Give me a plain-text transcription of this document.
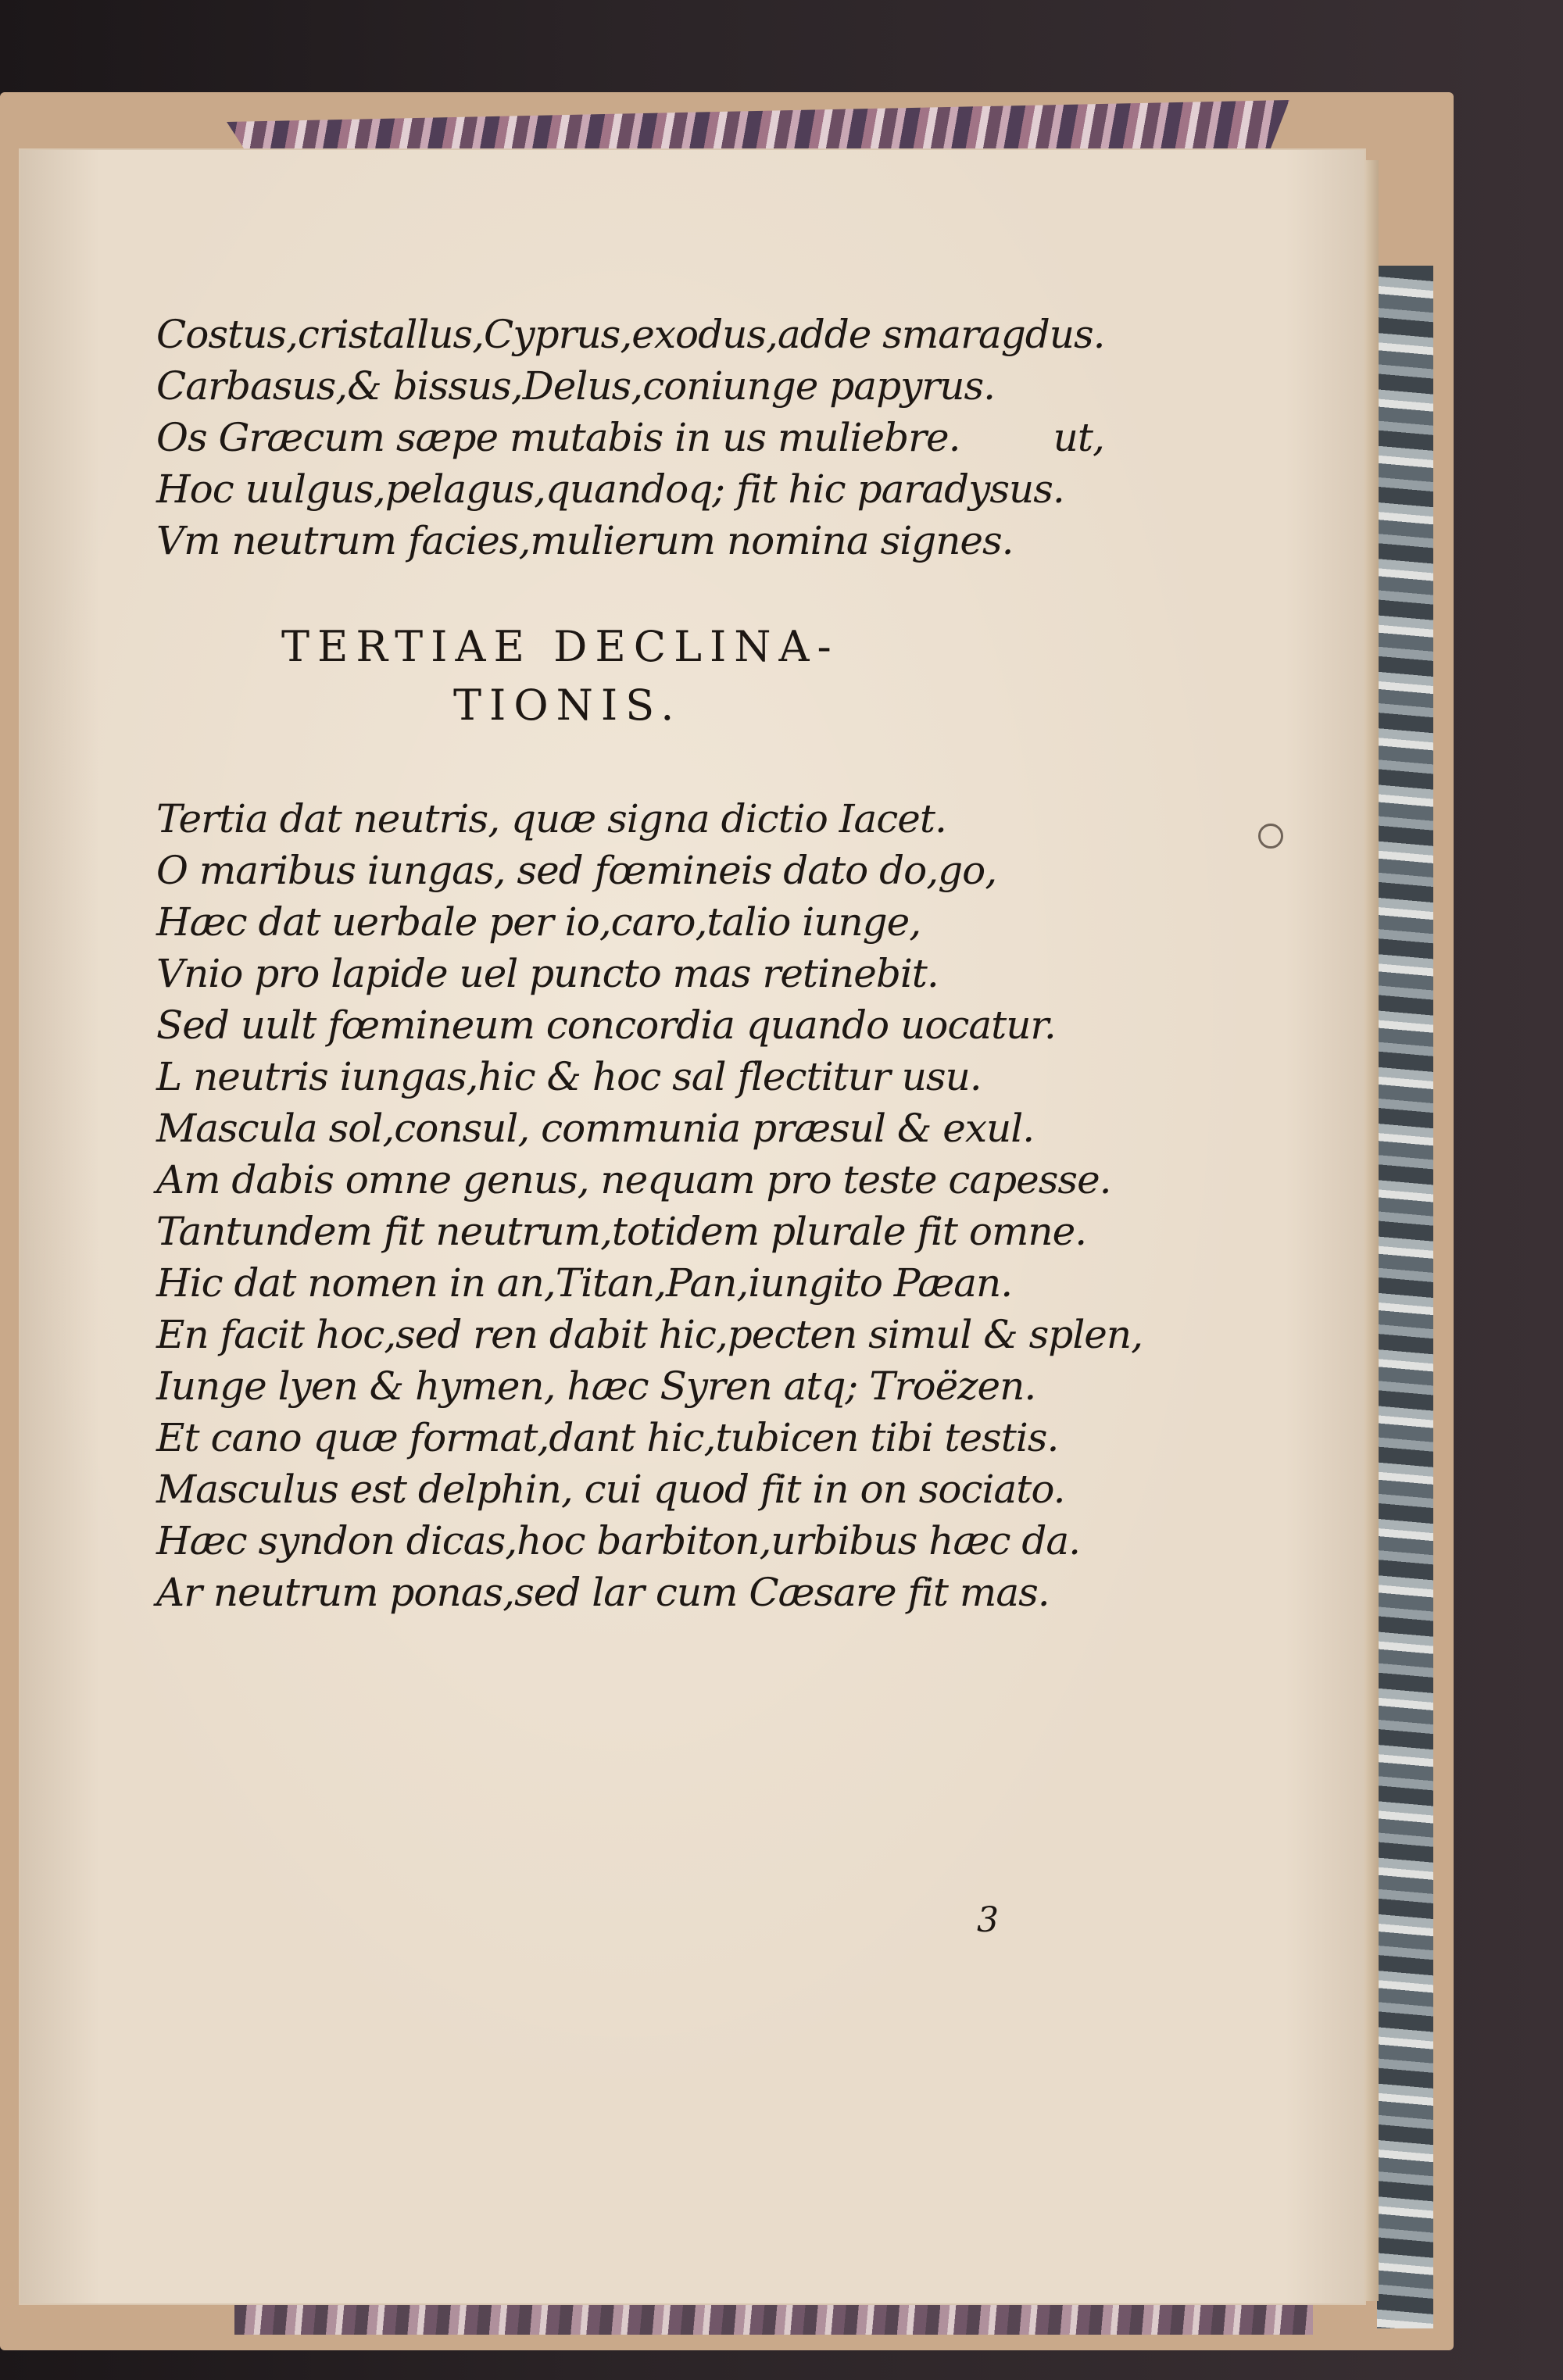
Costus,cristallus,Cyprus,exodus,adde smaragdus.
Carbasus,& bissus,Delus,coniunge papyrus.
Os Græcum sæpe mutabis in us muliebre.        ut,
Hoc uulgus,pelagus,quandoq; fit hic paradysus.
Vm neutrum facies,mulierum nomina signes.
TERTIAE DECLINA-
TIONIS.
Tertia dat neutris, quæ signa dictio Iacet.
O maribus iungas, sed fœmineis dato do,go,
Hæc dat uerbale per io,caro,talio iunge,
Vnio pro lapide uel puncto mas retinebit.
Sed uult fœmineum concordia quando uocatur.
L neutris iungas,hic & hoc sal flectitur usu.
Mascula sol,consul, communia præsul & exul.
Am dabis omne genus, nequam pro teste capesse.
Tantundem fit neutrum,totidem plurale fit omne.
Hic dat nomen in an,Titan,Pan,iungito Pæan.
En facit hoc,sed ren dabit hic,pecten simul & splen,
Iunge lyen & hymen, hæc Syren atq; Troëzen.
Et cano quæ format,dant hic,tubicen tibi testis.
Masculus est delphin, cui quod fit in on sociato.
Hæc syndon dicas,hoc barbiton,urbibus hæc da.
Ar neutrum ponas,sed lar cum Cæsare fit mas.
3
